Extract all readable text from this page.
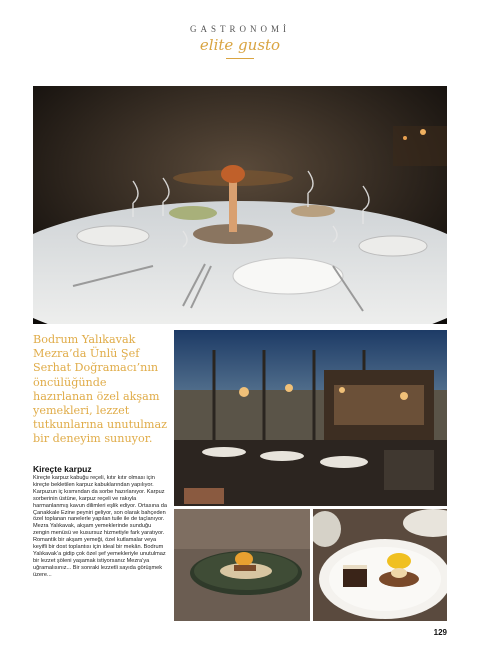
GASTRONOMİ
elite gusto
Bodrum Yalıkavak Mezra’da Ünlü Şef Serhat Doğramacı’nın öncülüğünde hazırlanan özel akşam yemekleri, lezzet tutkunlarına unutulmaz bir deneyim sunuyor.
Kireçte karpuz
Kireçte karpuz kabuğu reçeli, kıtır kıtır olması için kireçte bekletilen karpuz kabuklarından yapılıyor. Karpuzun iç kısmından da sorbe hazırlanıyor. Karpuz sorberinin üstüne, karpuz reçeli ve rakıyla harmanlanmış kavun dilimleri eşlik ediyor. Ortasına da Çanakkale Ezine peyniri geliyor, son olarak bahçeden özel toplanan nanelerle yapılan tuile ile de taçlanıyor. Mezra Yalıkavak, akşam yemeklerinde sunduğu zengin menüsü ve kusursuz hizmetiyle fark yaratıyor. Romantik bir akşam yemeği, özel kutlamalar veya keyifli bir dost toplantısı için ideal bir mekân. Bodrum Yalıkavak’a gidip çok özel şef yemekleriyle unutulmaz bir lezzet şöleni yaşamak istiyorsanız Mezra’ya uğramalısınız... Bir sonraki lezzetli sayıda görüşmek üzere...
129
